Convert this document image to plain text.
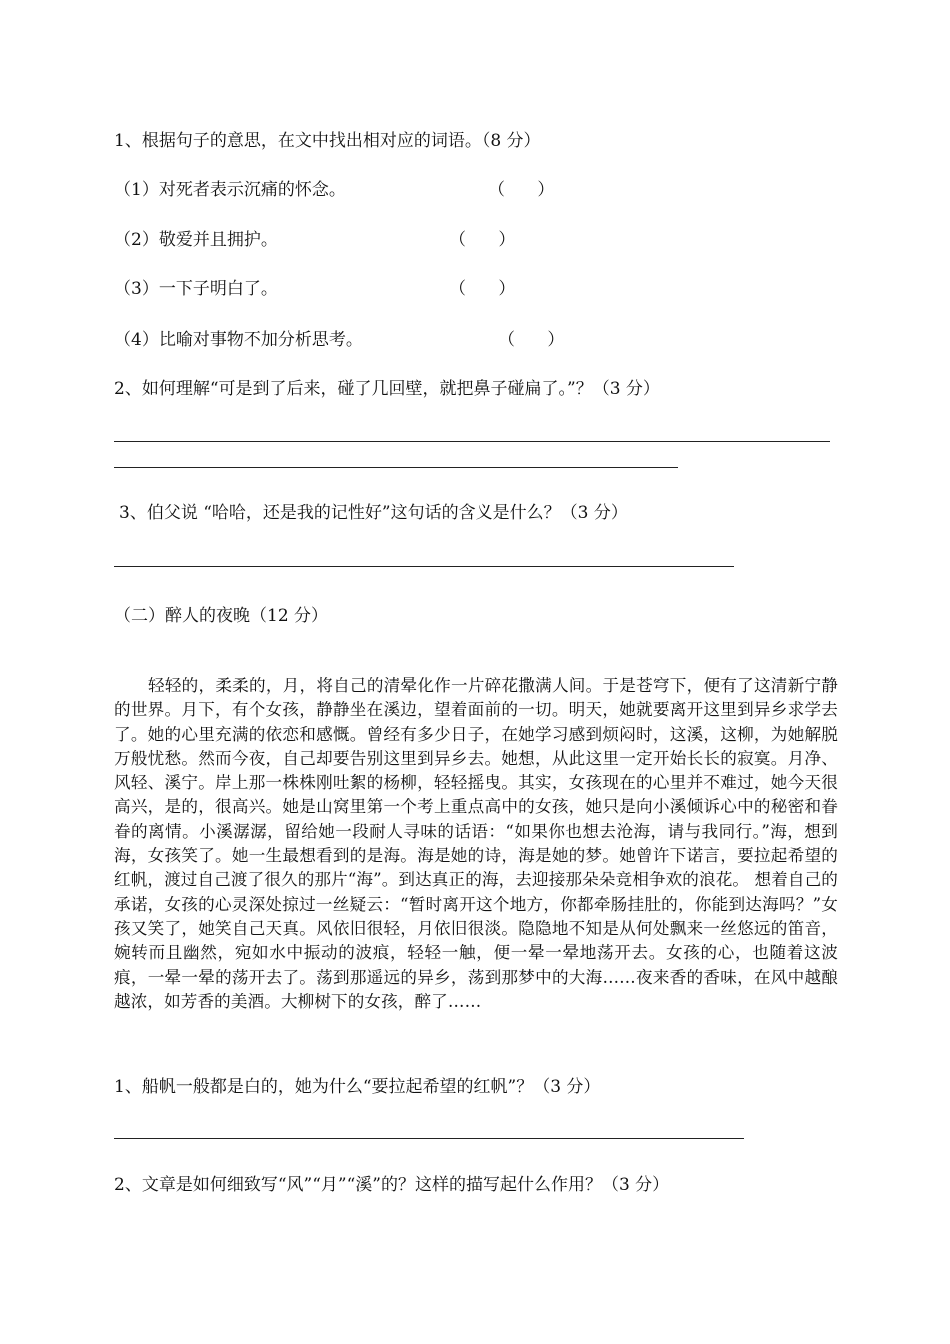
1、根据句子的意思，在文中找出相对应的词语。（8 分）
（1）对死者表示沉痛的怀念。	（      ）
（2）敬爱并且拥护。	（      ）
（3）一下子明白了。	（      ）
（4）比喻对事物不加分析思考。	（      ）
2、如何理解“可是到了后来，碰了几回壁，就把鼻子碰扁了。”？（3 分）
3、伯父说 “哈哈，还是我的记性好”这句话的含义是什么？（3 分）
（二）醉人的夜晚（12 分）
轻轻的，柔柔的，月，将自己的清晕化作一片碎花撒满人间。于是苍穹下，便有了这清新宁静的世界。月下，有个女孩，静静坐在溪边，望着面前的一切。明天，她就要离开这里到异乡求学去了。她的心里充满的依恋和感慨。曾经有多少日子，在她学习感到烦闷时，这溪，这柳，为她解脱万般忧愁。然而今夜，自己却要告别这里到异乡去。她想，从此这里一定开始长长的寂寞。月净、风轻、溪宁。岸上那一株株刚吐絮的杨柳，轻轻摇曳。其实，女孩现在的心里并不难过，她今天很高兴，是的，很高兴。她是山窝里第一个考上重点高中的女孩，她只是向小溪倾诉心中的秘密和眷眷的离情。小溪潺潺，留给她一段耐人寻味的话语：“如果你也想去沧海，请与我同行。”海，想到海，女孩笑了。她一生最想看到的是海。海是她的诗，海是她的梦。她曾许下诺言，要拉起希望的红帆，渡过自己渡了很久的那片“海”。到达真正的海，去迎接那朵朵竞相争欢的浪花。 想着自己的承诺，女孩的心灵深处掠过一丝疑云：“暂时离开这个地方，你都牵肠挂肚的，你能到达海吗？”女孩又笑了，她笑自己天真。风依旧很轻，月依旧很淡。隐隐地不知是从何处飘来一丝悠远的笛音，婉转而且幽然，宛如水中振动的波痕，轻轻一触，便一晕一晕地荡开去。女孩的心，也随着这波痕，一晕一晕的荡开去了。荡到那遥远的异乡，荡到那梦中的大海……夜来香的香味，在风中越酿越浓，如芳香的美酒。大柳树下的女孩，醉了……
1、船帆一般都是白的，她为什么“要拉起希望的红帆”？（3 分）
2、文章是如何细致写“风”“月”“溪”的？这样的描写起什么作用？（3 分）
